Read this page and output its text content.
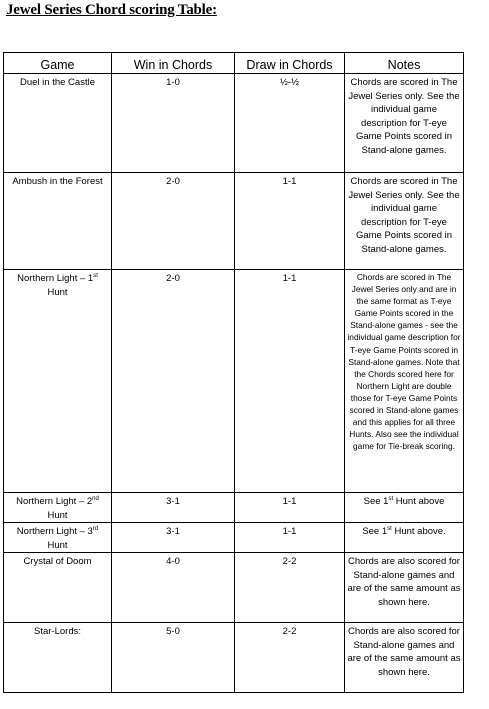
Jewel Series Chord scoring Table:
Game	Win in Chords	Draw in Chords	Notes
Duel in the Castle	1-0	½-½	Chords are scored in The Jewel Series only. See the individual game description for T-eye Game Points scored in Stand-alone games.
Ambush in the Forest	2-0	1-1	Chords are scored in The Jewel Series only. See the individual game description for T-eye Game Points scored in Stand-alone games.
Northern Light – 1st Hunt	2-0	1-1	Chords are scored in The Jewel Series only and are in the same format as T-eye Game Points scored in the Stand-alone games - see the individual game description for T-eye Game Points scored in Stand-alone games. Note that the Chords scored here for Northern Light are double those for T-eye Game Points scored in Stand-alone games and this applies for all three Hunts. Also see the individual game for Tie-break scoring.
Northern Light – 2nd Hunt	3-1	1-1	See 1st Hunt above
Northern Light – 3rd Hunt	3-1	1-1	See 1st Hunt above.
Crystal of Doom	4-0	2-2	Chords are also scored for Stand-alone games and are of the same amount as shown here.
Star-Lords:	5-0	2-2	Chords are also scored for Stand-alone games and are of the same amount as shown here.
